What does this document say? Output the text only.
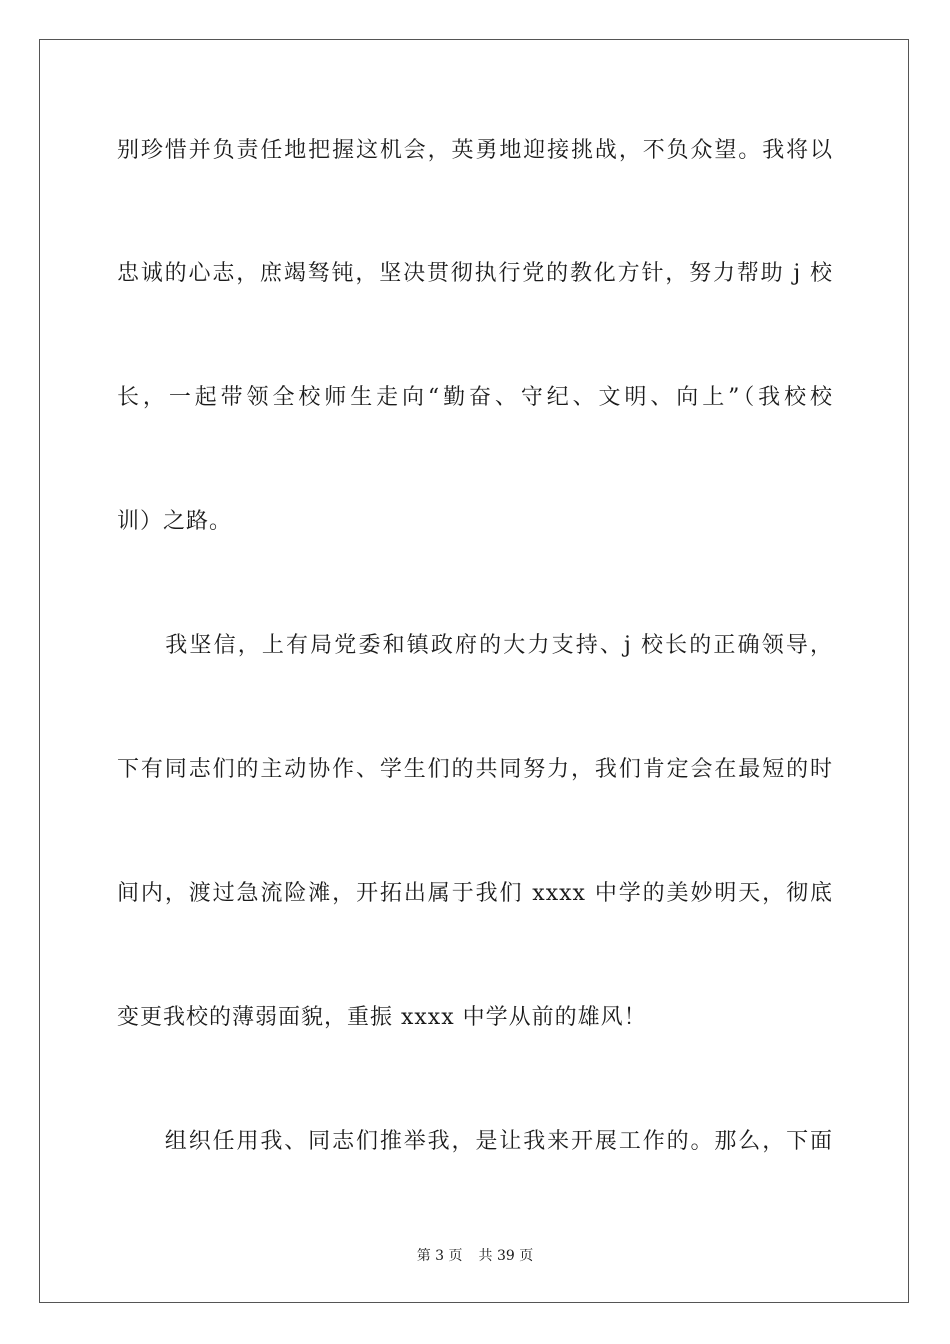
别珍惜并负责任地把握这机会，英勇地迎接挑战，不负众望。我将以
忠诚的心志，庶竭驽钝，坚决贯彻执行党的教化方针，努力帮助 j 校
长，一起带领全校师生走向“勤奋、守纪、文明、向上”（我校校
训）之路。
　　我坚信，上有局党委和镇政府的大力支持、j 校长的正确领导，
下有同志们的主动协作、学生们的共同努力，我们肯定会在最短的时
间内，渡过急流险滩，开拓出属于我们 xxxx 中学的美妙明天，彻底
变更我校的薄弱面貌，重振 xxxx 中学从前的雄风！
　　组织任用我、同志们推举我，是让我来开展工作的。那么，下面
第 3 页 共 39 页
